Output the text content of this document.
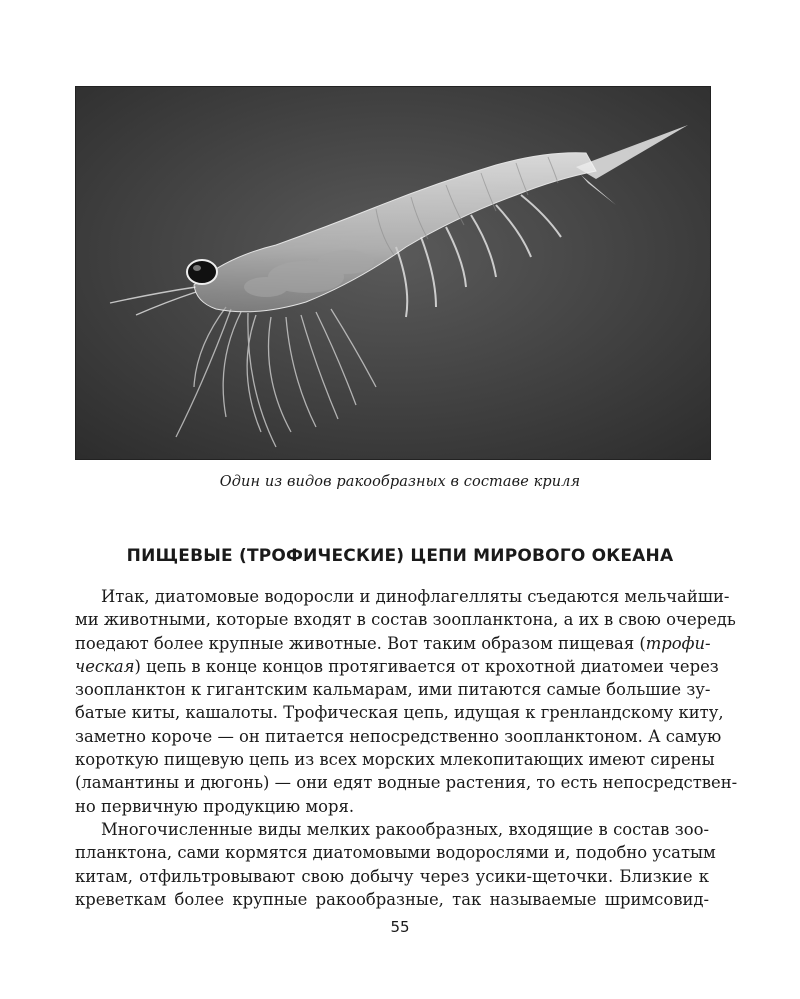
Один из видов ракообразных в составе криля
ПИЩЕВЫЕ (ТРОФИЧЕСКИЕ) ЦЕПИ МИРОВОГО ОКЕАНА
Итак, диатомовые водоросли и динофлагелляты съедаются мельчайши-
ми животными, которые входят в состав зоопланктона, а их в свою очередь
поедают более крупные животные. Вот таким образом пищевая (трофи-
ческая) цепь в конце концов протягивается от крохотной диатомеи через
зоопланктон к гигантским кальмарам, ими питаются самые большие зу-
батые киты, кашалоты. Трофическая цепь, идущая к гренландскому киту,
заметно короче — он питается непосредственно зоопланктоном. А самую
короткую пищевую цепь из всех морских млекопитающих имеют сирены
(ламантины и дюгонь) — они едят водные растения, то есть непосредствен-
но первичную продукцию моря.
Многочисленные виды мелких ракообразных, входящие в состав зоо-
планктона, сами кормятся диатомовыми водорослями и, подобно усатым
китам, отфильтровывают свою добычу через усики-щеточки. Близкие к
креветкам более крупные ракообразные, так называемые шримсовид-
55
